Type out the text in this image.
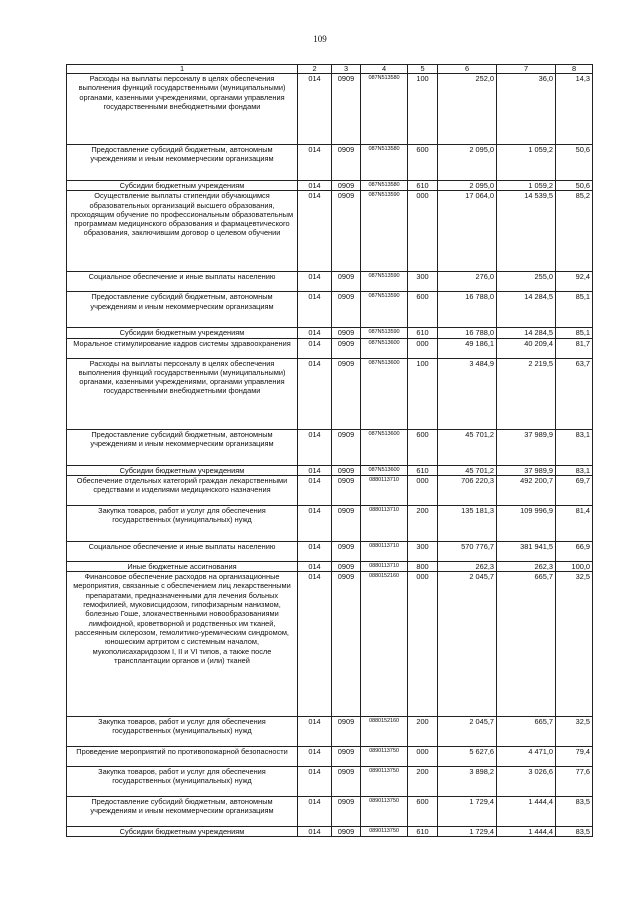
109
1	2	3	4	5	6	7	8
Расходы на выплаты персоналу в целях обеспечения выполнения функций государственными (муниципальными) органами, казенными учреждениями, органами управления государственными внебюджетными фондами	014	0909	087N513580	100	252,0	36,0	14,3
Предоставление субсидий бюджетным, автономным учреждениям и иным некоммерческим организациям	014	0909	087N513580	600	2 095,0	1 059,2	50,6
Субсидии бюджетным учреждениям	014	0909	087N513580	610	2 095,0	1 059,2	50,6
Осуществление выплаты стипендии обучающимся образовательных организаций высшего образования, проходящим обучение по профессиональным образовательным программам медицинского образования и фармацевтического образования, заключившим договор о целевом обучении	014	0909	087N513590	000	17 064,0	14 539,5	85,2
Социальное обеспечение и иные выплаты населению	014	0909	087N513590	300	276,0	255,0	92,4
Предоставление субсидий бюджетным, автономным учреждениям и иным некоммерческим организациям	014	0909	087N513590	600	16 788,0	14 284,5	85,1
Субсидии бюджетным учреждениям	014	0909	087N513590	610	16 788,0	14 284,5	85,1
Моральное стимулирование кадров системы здравоохранения	014	0909	087N513600	000	49 186,1	40 209,4	81,7
Расходы на выплаты персоналу в целях обеспечения выполнения функций государственными (муниципальными) органами, казенными учреждениями, органами управления государственными внебюджетными фондами	014	0909	087N513600	100	3 484,9	2 219,5	63,7
Предоставление субсидий бюджетным, автономным учреждениям и иным некоммерческим организациям	014	0909	087N513600	600	45 701,2	37 989,9	83,1
Субсидии бюджетным учреждениям	014	0909	087N513600	610	45 701,2	37 989,9	83,1
Обеспечение отдельных категорий граждан лекарственными средствами и изделиями медицинского назначения	014	0909	0880113710	000	706 220,3	492 200,7	69,7
Закупка товаров, работ и услуг для обеспечения государственных (муниципальных) нужд	014	0909	0880113710	200	135 181,3	109 996,9	81,4
Социальное обеспечение и иные выплаты населению	014	0909	0880113710	300	570 776,7	381 941,5	66,9
Иные бюджетные ассигнования	014	0909	0880113710	800	262,3	262,3	100,0
Финансовое обеспечение расходов на организационные мероприятия, связанные с обеспечением лиц лекарственными препаратами, предназначенными для лечения больных гемофилией, муковисцидозом, гипофизарным нанизмом, болезнью Гоше, злокачественными новообразованиями лимфоидной, кроветворной и родственных им тканей, рассеянным склерозом, гемолитико-уремическим синдромом, юношеским артритом с системным началом, мукополисахаридозом I, II и VI типов, а также после трансплантации органов и (или) тканей	014	0909	0880152160	000	2 045,7	665,7	32,5
Закупка товаров, работ и услуг для обеспечения государственных (муниципальных) нужд	014	0909	0880152160	200	2 045,7	665,7	32,5
Проведение мероприятий по противопожарной безопасности	014	0909	0890113750	000	5 627,6	4 471,0	79,4
Закупка товаров, работ и услуг для обеспечения государственных (муниципальных) нужд	014	0909	0890113750	200	3 898,2	3 026,6	77,6
Предоставление субсидий бюджетным, автономным учреждениям и иным некоммерческим организациям	014	0909	0890113750	600	1 729,4	1 444,4	83,5
Субсидии бюджетным учреждениям	014	0909	0890113750	610	1 729,4	1 444,4	83,5
